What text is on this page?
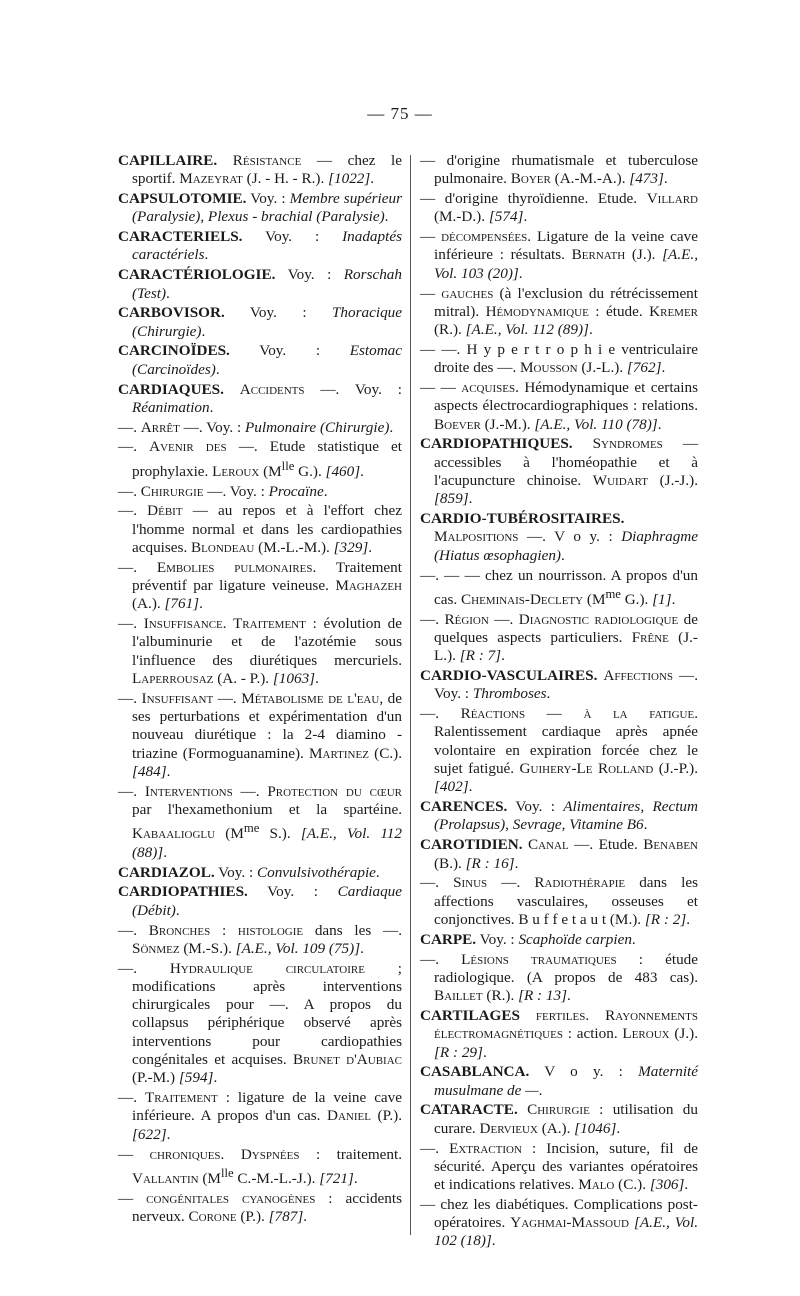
— 75 —

CAPILLAIRE. Résistance — chez le sportif. Mazeyrat (J. - H. - R.). [1022].

CAPSULOTOMIE. Voy. : Membre supérieur (Paralysie), Plexus - brachial (Paralysie).

CARACTERIELS. Voy. : Inadaptés caractériels.

CARACTÉRIOLOGIE. Voy. : Rorschah (Test).

CARBOVISOR. Voy. : Thoracique (Chirurgie).

CARCINOÏDES. Voy. : Estomac (Carcinoïdes).

CARDIAQUES. Accidents —. Voy. : Réanimation.

—. Arrêt —. Voy. : Pulmonaire (Chirurgie).

—. Avenir des —. Etude statistique et prophylaxie. Leroux ($M^{lle}$ G.). [460].

—. Chirurgie —. Voy. : Procaïne.

—. Débit — au repos et à l'effort chez l'homme normal et dans les cardiopathies acquises. Blondeau (M.-L.-M.). [329].

—. Embolies pulmonaires. Traitement préventif par ligature veineuse. Maghazeh (A.). [761].

—. Insuffisance. Traitement : évolution de l'albuminurie et de l'azotémie sous l'influence des diurétiques mercuriels. Laperrousaz (A. - P.). [1063].

—. Insuffisant —. Métabolisme de l'eau, de ses perturbations et expérimentation d'un nouveau diurétique : la 2-4 diamino - triazine (Formoguanamine). Martinez (C.). [484].

—. Interventions —. Protection du cœur par l'hexamethonium et la spartéine. Kabaalioglu ($M^{me}$ S.). [A.E., Vol. 112 (88)].

CARDIAZOL. Voy. : Convulsivothérapie.

CARDIOPATHIES. Voy. : Cardiaque (Débit).

—. Bronches : histologie dans les —. Sönmez (M.-S.). [A.E., Vol. 109 (75)].

—. Hydraulique circulatoire ; modifications après interventions chirurgicales pour —. A propos du collapsus périphérique observé après interventions pour cardiopathies congénitales et acquises. Brunet d'Aubiac (P.-M.) [594].

—. Traitement : ligature de la veine cave inférieure. A propos d'un cas. Daniel (P.). [622].

— chroniques. Dyspnées : traitement. Vallantin ($M^{lle}$ C.-M.-L.-J.). [721].

— congénitales cyanogènes : accidents nerveux. Corone (P.). [787].

— d'origine rhumatismale et tuberculose pulmonaire. Boyer (A.-M.-A.). [473].

— d'origine thyroïdienne. Etude. Villard (M.-D.). [574].

— décompensées. Ligature de la veine cave inférieure : résultats. Bernath (J.). [A.E., Vol. 103 (20)].

— gauches (à l'exclusion du rétrécissement mitral). Hémodynamique : étude. Kremer (R.). [A.E., Vol. 112 (89)].

— —. H y p e r t r o p h i e ventriculaire droite des —. Mousson (J.-L.). [762].

— — acquises. Hémodynamique et certains aspects électrocardiographiques : relations. Boever (J.-M.). [A.E., Vol. 110 (78)].

CARDIOPATHIQUES. Syndromes — accessibles à l'homéopathie et à l'acupuncture chinoise. Wuidart (J.-J.). [859].

CARDIO-TUBÉROSITAIRES. Malpositions —. V o y. : Diaphragme (Hiatus œsophagien).

—. — — chez un nourrisson. A propos d'un cas. Cheminais-Declety ($M^{me}$ G.). [1].

—. Région —. Diagnostic radiologique de quelques aspects particuliers. Frêne (J.-L.). [R : 7].

CARDIO-VASCULAIRES. Affections —. Voy. : Thromboses.

—. Réactions — à la fatigue. Ralentissement cardiaque après apnée volontaire en expiration forcée chez le sujet fatigué. Guihery-Le Rolland (J.-P.). [402].

CARENCES. Voy. : Alimentaires, Rectum (Prolapsus), Sevrage, Vitamine B6.

CAROTIDIEN. Canal —. Etude. Benaben (B.). [R : 16].

—. Sinus —. Radiothérapie dans les affections vasculaires, osseuses et conjonctives. B u f f e t a u t (M.). [R : 2].

CARPE. Voy. : Scaphoïde carpien.

—. Lésions traumatiques : étude radiologique. (A propos de 483 cas). Baillet (R.). [R : 13].

CARTILAGES fertiles. Rayonnements électromagnétiques : action. Leroux (J.). [R : 29].

CASABLANCA. V o y. : Maternité musulmane de —.

CATARACTE. Chirurgie : utilisation du curare. Dervieux (A.). [1046].

—. Extraction : Incision, suture, fil de sécurité. Aperçu des variantes opératoires et indications relatives. Malo (C.). [306].

— chez les diabétiques. Complications post-opératoires. Yaghmai-Massoud [A.E., Vol. 102 (18)].
